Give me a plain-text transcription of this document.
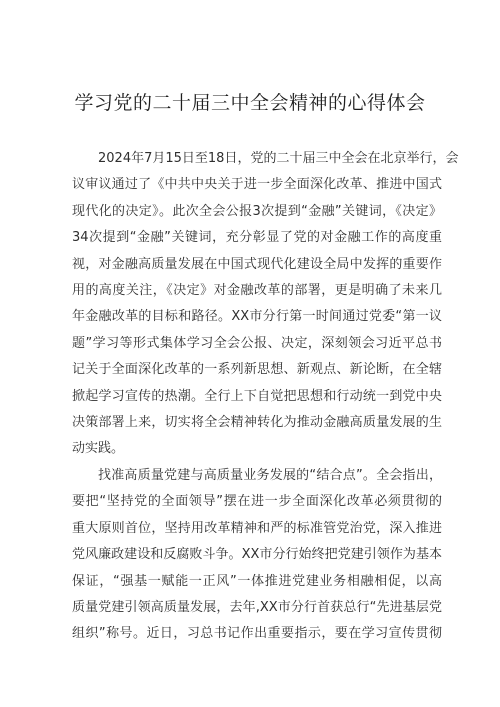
学习党的二十届三中全会精神的心得体会

2024年7月15日至18日，党的二十届三中全会在北京举行，会
议审议通过了《中共中央关于进一步全面深化改革、推进中国式
现代化的决定》。此次全会公报3次提到“金融”关键词，《决定》
34次提到“金融”关键词，充分彰显了党的对金融工作的高度重
视，对金融高质量发展在中国式现代化建设全局中发挥的重要作
用的高度关注，《决定》对金融改革的部署，更是明确了未来几
年金融改革的目标和路径。XX市分行第一时间通过党委“第一议
题”学习等形式集体学习全会公报、决定，深刻领会习近平总书
记关于全面深化改革的一系列新思想、新观点、新论断，在全辖
掀起学习宣传的热潮。全行上下自觉把思想和行动统一到党中央
决策部署上来，切实将全会精神转化为推动金融高质量发展的生
动实践。

找准高质量党建与高质量业务发展的“结合点”。全会指出，
要把“坚持党的全面领导”摆在进一步全面深化改革必须贯彻的
重大原则首位，坚持用改革精神和严的标准管党治党，深入推进
党风廉政建设和反腐败斗争。XX市分行始终把党建引领作为基本
保证，“强基一赋能一正风”一体推进党建业务相融相促，以高
质量党建引领高质量发展，去年,XX市分行首获总行“先进基层党
组织”称号。近日，习总书记作出重要指示，要在学习宣传贯彻
